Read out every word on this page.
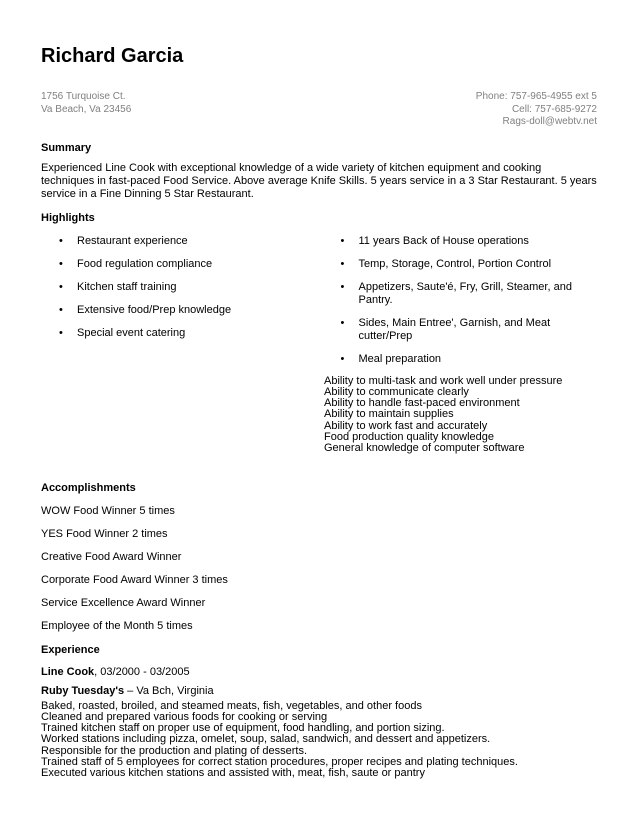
Richard Garcia
1756 Turquoise Ct.
Va Beach, Va 23456
Phone: 757-965-4955 ext 5
Cell: 757-685-9272
Rags-doll@webtv.net
Summary
Experienced Line Cook with exceptional knowledge of a wide variety of kitchen equipment and cooking techniques in fast-paced Food Service. Above average Knife Skills. 5 years service in a 3 Star Restaurant. 5 years service in a Fine Dinning 5 Star Restaurant.
Highlights
•	Restaurant experience
•	Food regulation compliance
•	Kitchen staff training
•	Extensive food/Prep knowledge
•	Special event catering
•	11 years Back of House operations
•	Temp, Storage, Control, Portion Control
•	Appetizers, Saute'é, Fry, Grill, Steamer, and Pantry.
•	Sides, Main Entree', Garnish, and Meat cutter/Prep
•	Meal preparation
Ability to multi-task and work well under pressure
Ability to communicate clearly
Ability to handle fast-paced environment
Ability to maintain supplies
Ability to work fast and accurately
Food production quality knowledge
General knowledge of computer software
Accomplishments
WOW Food Winner 5 times
YES Food Winner 2 times
Creative Food Award Winner
Corporate Food Award Winner 3 times
Service Excellence Award Winner
Employee of the Month 5 times
Experience
Line Cook, 03/2000 - 03/2005
Ruby Tuesday's – Va Bch, Virginia
Baked, roasted, broiled, and steamed meats, fish, vegetables, and other foods
Cleaned and prepared various foods for cooking or serving
Trained kitchen staff on proper use of equipment, food handling, and portion sizing.
Worked stations including pizza, omelet, soup, salad, sandwich, and dessert and appetizers.
Responsible for the production and plating of desserts.
Trained staff of 5 employees for correct station procedures, proper recipes and plating techniques.
Executed various kitchen stations and assisted with, meat, fish, saute or pantry
